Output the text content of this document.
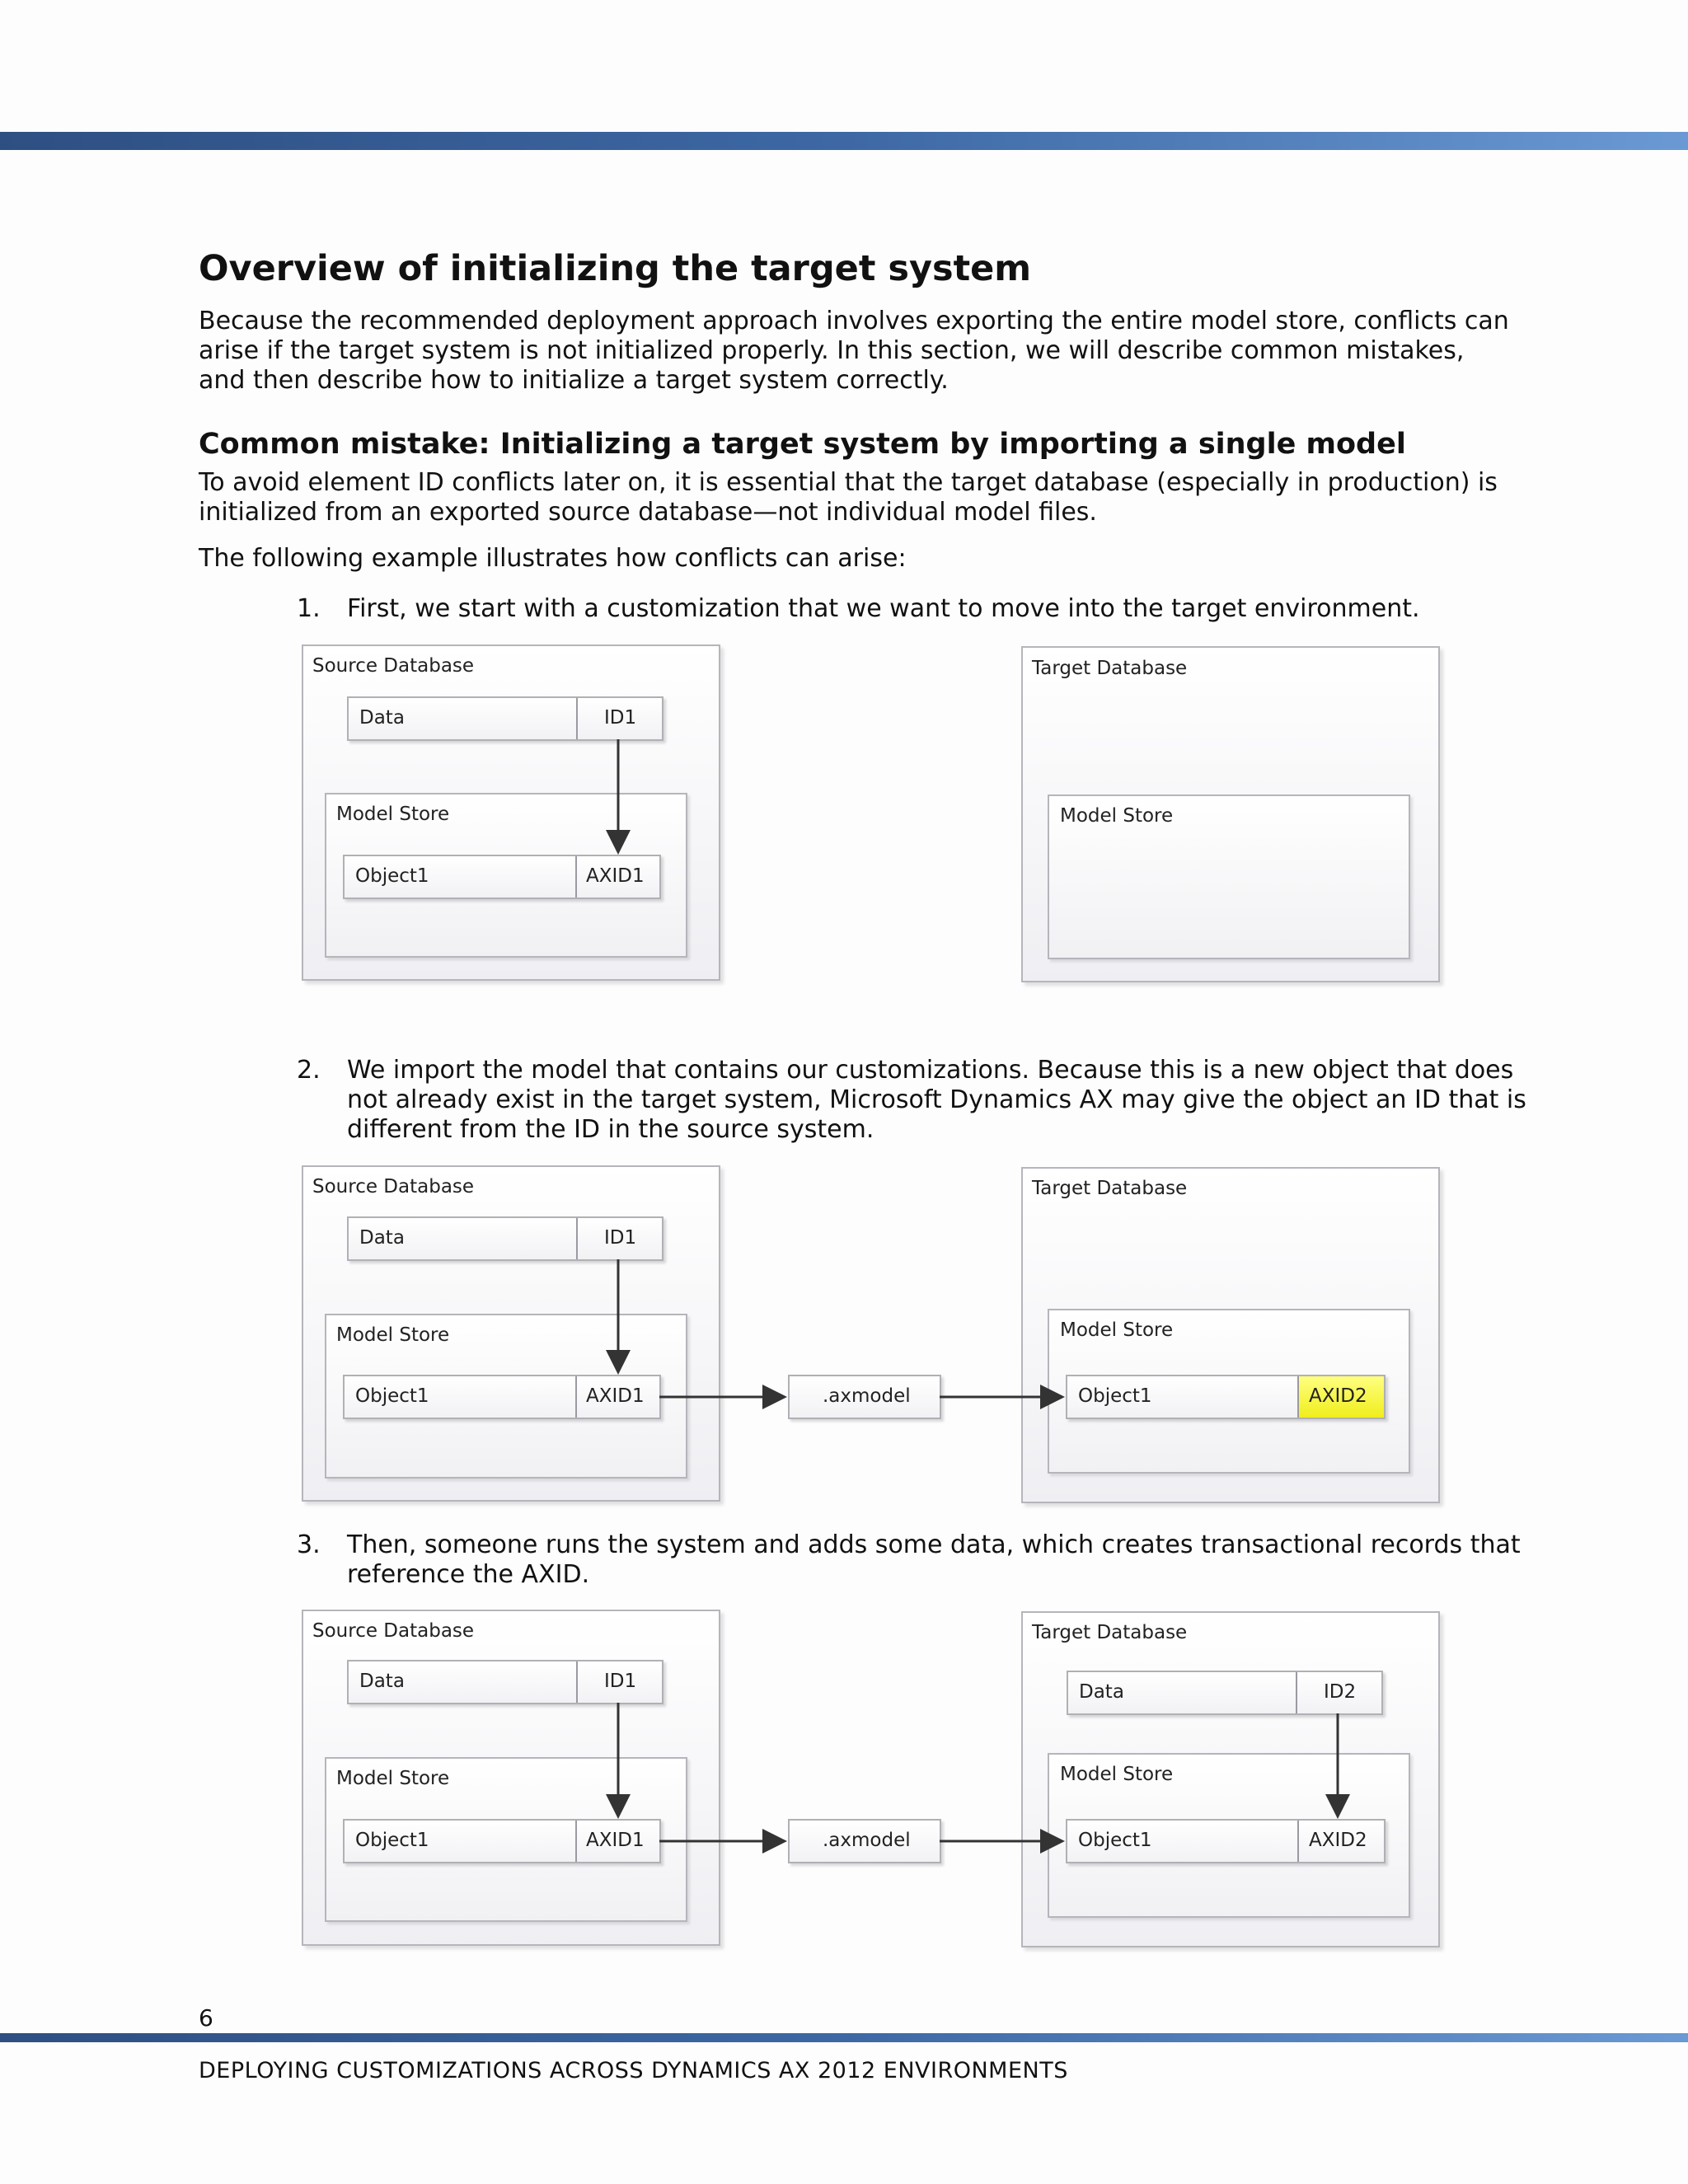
Overview of initializing the target system

Because the recommended deployment approach involves exporting the entire model store, conflicts can arise if the target system is not initialized properly. In this section, we will describe common mistakes, and then describe how to initialize a target system correctly.

Common mistake: Initializing a target system by importing a single model

To avoid element ID conflicts later on, it is essential that the target database (especially in production) is initialized from an exported source database—not individual model files.

The following example illustrates how conflicts can arise:

1. First, we start with a customization that we want to move into the target environment.
2. We import the model that contains our customizations. Because this is a new object that does not already exist in the target system, Microsoft Dynamics AX may give the object an ID that is different from the ID in the source system.
3. Then, someone runs the system and adds some data, which creates transactional records that reference the AXID.
Source Database
Data	ID1
Model Store
Object1	AXID1
Target Database
Model Store
Source Database
Data	ID1
Model Store
Object1	AXID1	.axmodel
Target Database
Model Store
Object1	AXID2
Source Database
Data	ID1
Model Store
Object1	AXID1	.axmodel
Target Database
Data	ID2
Model Store
Object1	AXID2
6
DEPLOYING CUSTOMIZATIONS ACROSS DYNAMICS AX 2012 ENVIRONMENTS
